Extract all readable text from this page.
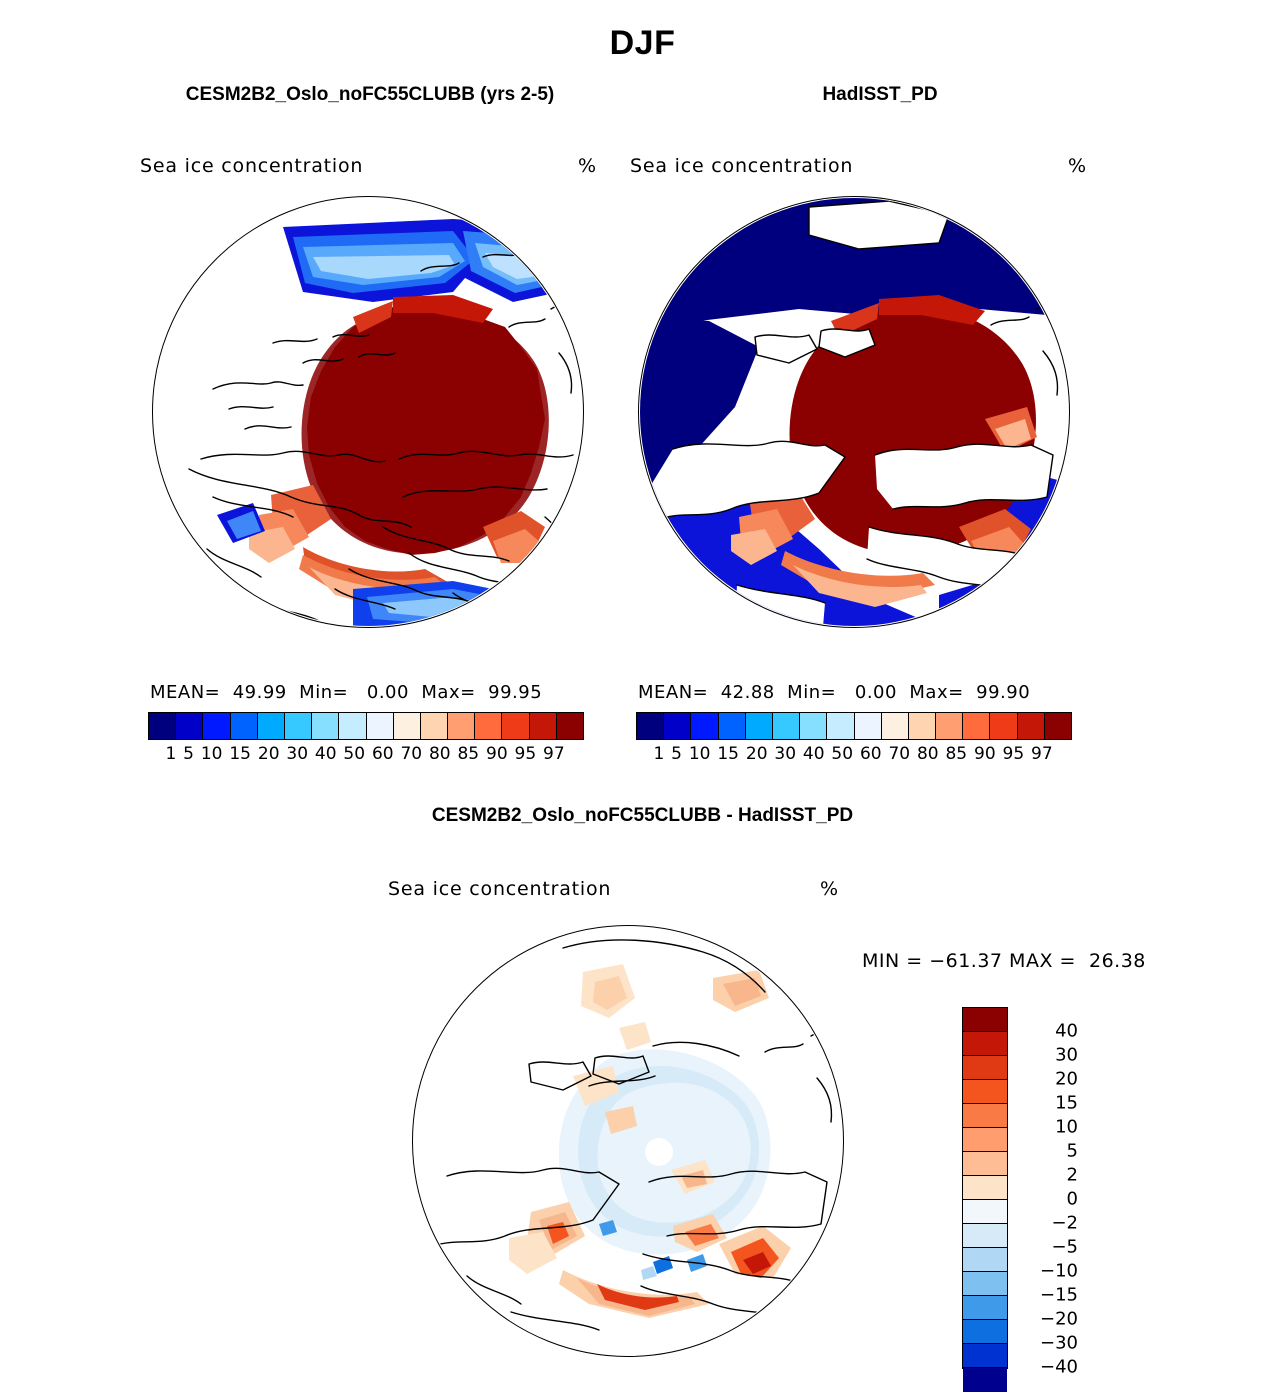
DJF
CESM2B2_Oslo_noFC55CLUBB (yrs 2-5)
Sea ice concentration	%
MEAN=  49.99  Min=   0.00  Max=  99.95
1 5 10 15 20 30 40 50 60 70 80 85 90 95 97
HadISST_PD
Sea ice concentration	%
MEAN=  42.88  Min=   0.00  Max=  99.90
1 5 10 15 20 30 40 50 60 70 80 85 90 95 97
CESM2B2_Oslo_noFC55CLUBB - HadISST_PD
Sea ice concentration	%
MIN = −61.37 MAX =  26.38
40
30
20
15
10
5
2
0
−2
−5
−10
−15
−20
−30
−40
